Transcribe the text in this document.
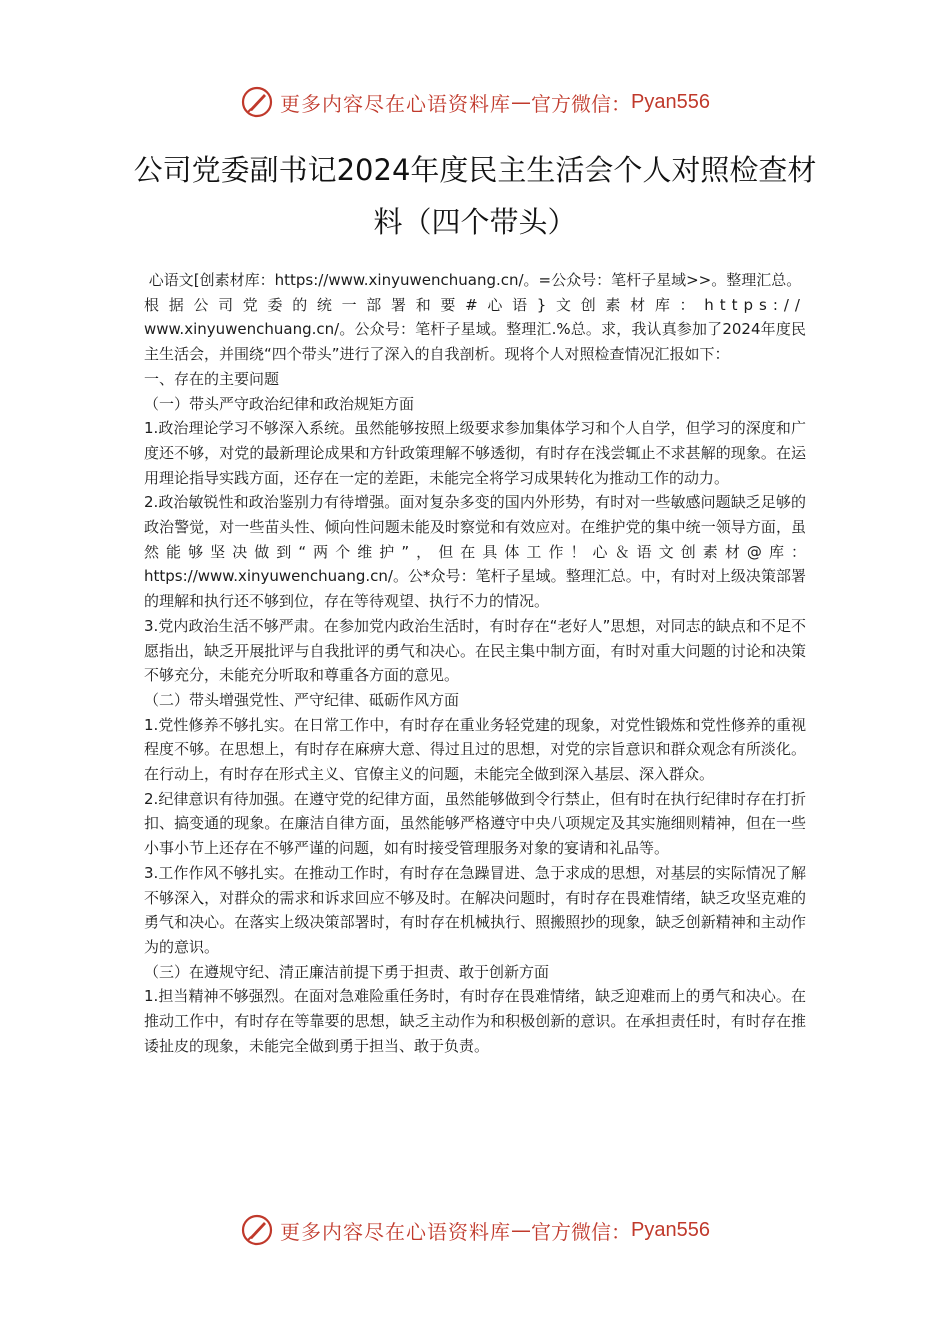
更多内容尽在心语资料库 — 官方微信： Pyan556
公司党委副书记2024年度民主生活会个人对照检查材料（四个带头）

心语文[创素材库：https://www.xinyuwenchuang.cn/。=公众号：笔杆子星域>>。整理汇总。

根据公司党委的统一部署和要#心语}文创素材库：https://

www.xinyuwenchuang.cn/。公众号：笔杆子星域。整理汇.%总。求，我认真参加了2024年度民主生活会，并围绕“四个带头”进行了深入的自我剖析。现将个人对照检查情况汇报如下：

一、存在的主要问题

（一）带头严守政治纪律和政治规矩方面

1.政治理论学习不够深入系统。虽然能够按照上级要求参加集体学习和个人自学，但学习的深度和广度还不够，对党的最新理论成果和方针政策理解不够透彻，有时存在浅尝辄止不求甚解的现象。在运用理论指导实践方面，还存在一定的差距，未能完全将学习成果转化为推动工作的动力。

2.政治敏锐性和政治鉴别力有待增强。面对复杂多变的国内外形势，有时对一些敏感问题缺乏足够的政治警觉，对一些苗头性、倾向性问题未能及时察觉和有效应对。在维护党的集中统一领导方面，虽然能够坚决做到“两个维护”，但在具体工作！心＆语文创素材@库：https://www.xinyuwenchuang.cn/。公*众号：笔杆子星域。整理汇总。中，有时对上级决策部署的理解和执行还不够到位，存在等待观望、执行不力的情况。

3.党内政治生活不够严肃。在参加党内政治生活时，有时存在“老好人”思想，对同志的缺点和不足不愿指出，缺乏开展批评与自我批评的勇气和决心。在民主集中制方面，有时对重大问题的讨论和决策不够充分，未能充分听取和尊重各方面的意见。

（二）带头增强党性、严守纪律、砥砺作风方面

1.党性修养不够扎实。在日常工作中，有时存在重业务轻党建的现象，对党性锻炼和党性修养的重视程度不够。在思想上，有时存在麻痹大意、得过且过的思想，对党的宗旨意识和群众观念有所淡化。在行动上，有时存在形式主义、官僚主义的问题，未能完全做到深入基层、深入群众。

2.纪律意识有待加强。在遵守党的纪律方面，虽然能够做到令行禁止，但有时在执行纪律时存在打折扣、搞变通的现象。在廉洁自律方面，虽然能够严格遵守中央八项规定及其实施细则精神，但在一些小事小节上还存在不够严谨的问题，如有时接受管理服务对象的宴请和礼品等。

3.工作作风不够扎实。在推动工作时，有时存在急躁冒进、急于求成的思想，对基层的实际情况了解不够深入，对群众的需求和诉求回应不够及时。在解决问题时，有时存在畏难情绪，缺乏攻坚克难的勇气和决心。在落实上级决策部署时，有时存在机械执行、照搬照抄的现象，缺乏创新精神和主动作为的意识。

（三）在遵规守纪、清正廉洁前提下勇于担责、敢于创新方面

1.担当精神不够强烈。在面对急难险重任务时，有时存在畏难情绪，缺乏迎难而上的勇气和决心。在推动工作中，有时存在等靠要的思想，缺乏主动作为和积极创新的意识。在承担责任时，有时存在推诿扯皮的现象，未能完全做到勇于担当、敢于负责。

更多内容尽在心语资料库 — 官方微信： Pyan556
